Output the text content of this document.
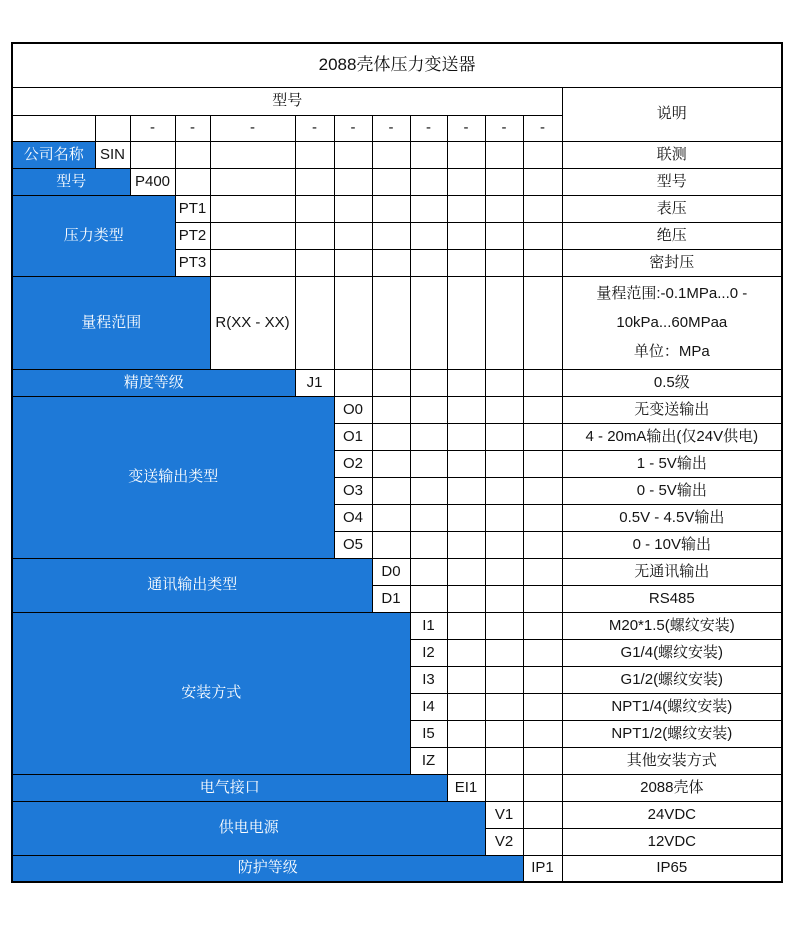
2088壳体压力变送器												
型号												说明
		-	-	-	-	-	-	-	-	-	-	
公司名称	SIN											联测
型号		P400										型号
压力类型			PT1									表压
			PT2									绝压
			PT3									密封压
量程范围				R(XX - XX)								量程范围:-0.1MPa...0 -
10kPa...60MPaa
单位：MPa

精度等级					J1							0.5级
变送输出类型						O0						无变送输出
						O1						4 - 20mA输出(仅24V供电)
						O2						1 - 5V输出
						O3						0 - 5V输出
						O4						0.5V - 4.5V输出
						O5						0 - 10V输出
通讯输出类型							D0					无通讯输出
							D1					RS485
安装方式								I1				M20*1.5(螺纹安装)
								I2				G1/4(螺纹安装)
								I3				G1/2(螺纹安装)
								I4				NPT1/4(螺纹安装)
								I5				NPT1/2(螺纹安装)
								IZ				其他安装方式
电气接口									EI1			2088壳体
供电电源										V1		24VDC
										V2		12VDC
防护等级											IP1	IP65
